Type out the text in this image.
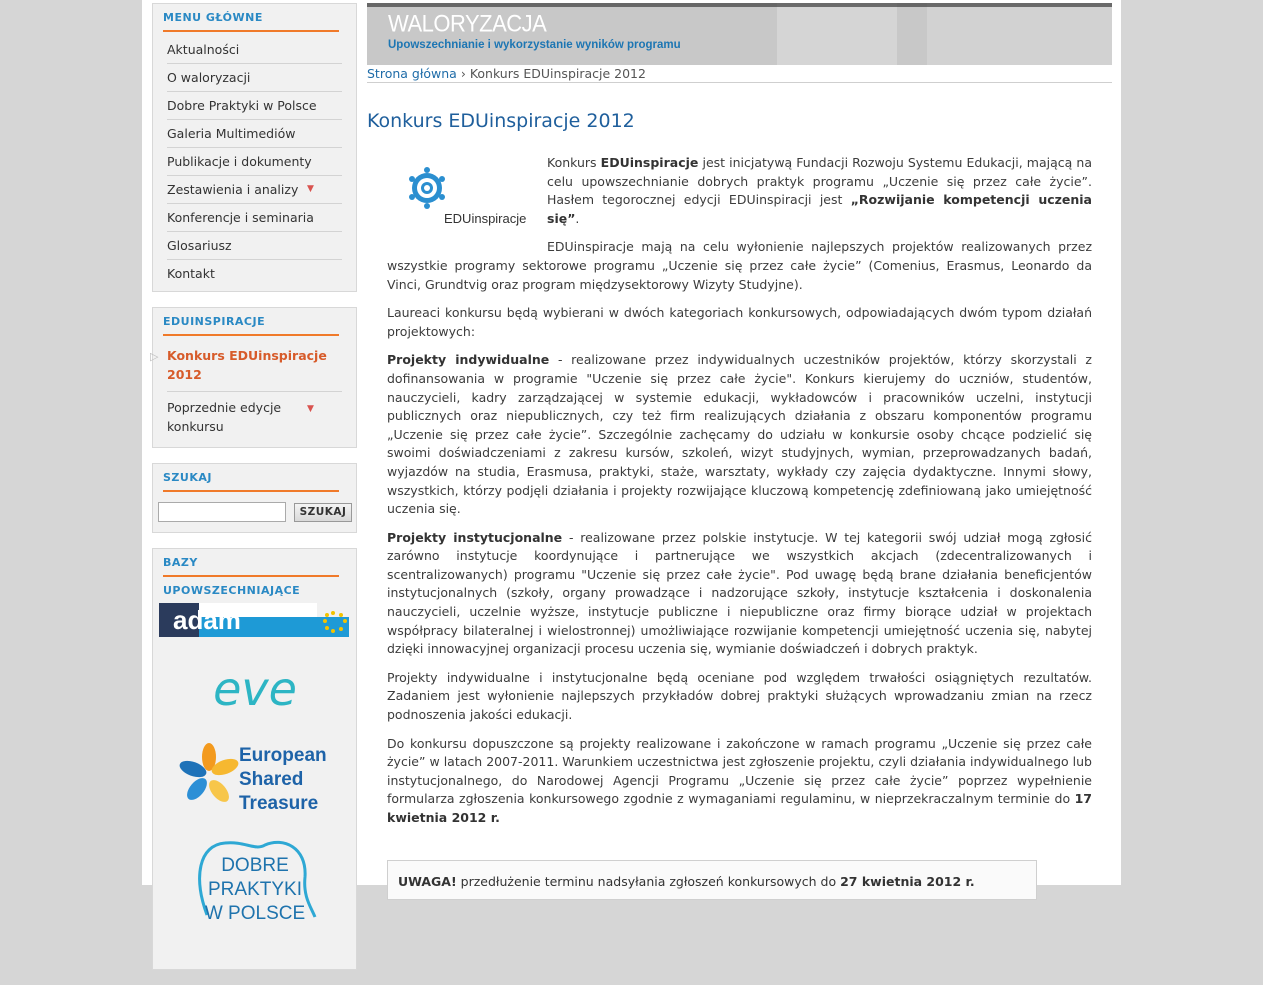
MENU GŁÓWNE
Aktualności
O waloryzacji
Dobre Praktyki w Polsce
Galeria Multimediów
Publikacje i dokumenty
Zestawienia i analizy ▼
Konferencje i seminaria
Glosariusz
Kontakt
EDUINSPIRACJE
▷ Konkurs EDUinspiracje 2012
Poprzednie edycje konkursu
▼
SZUKAJ
SZUKAJ
BAZY UPOWSZECHNIAJĄCE
adam
eve
European
Shared
Treasure
DOBRE
PRAKTYKI
W POLSCE
WALORYZACJA
Upowszechnianie i wykorzystanie wyników programu
Strona główna › Konkurs EDUinspiracje 2012
Konkurs EDUinspiracje 2012
EDUinspiracje

Konkurs EDUinspiracje jest inicjatywą Fundacji Rozwoju Systemu Edukacji, mającą na celu upowszechnianie dobrych praktyk programu „Uczenie się przez całe życie”. Hasłem tegorocznej edycji EDUinspiracji jest „Rozwijanie kompetencji uczenia się”.

EDUinspiracje mają na celu wyłonienie najlepszych projektów realizowanych przez wszystkie programy sektorowe programu „Uczenie się przez całe życie” (Comenius, Erasmus, Leonardo da Vinci, Grundtvig oraz program międzysektorowy Wizyty Studyjne).

Laureaci konkursu będą wybierani w dwóch kategoriach konkursowych, odpowiadających dwóm typom działań projektowych:

Projekty indywidualne - realizowane przez indywidualnych uczestników projektów, którzy skorzystali z dofinansowania w programie "Uczenie się przez całe życie". Konkurs kierujemy do uczniów, studentów, nauczycieli, kadry zarządzającej w systemie edukacji, wykładowców i pracowników uczelni, instytucji publicznych oraz niepublicznych, czy też firm realizujących działania z obszaru komponentów programu „Uczenie się przez całe życie”. Szczególnie zachęcamy do udziału w konkursie osoby chcące podzielić się swoimi doświadczeniami z zakresu kursów, szkoleń, wizyt studyjnych, wymian, przeprowadzanych badań, wyjazdów na studia, Erasmusa, praktyki, staże, warsztaty, wykłady czy zajęcia dydaktyczne. Innymi słowy, wszystkich, którzy podjęli działania i projekty rozwijające kluczową kompetencję zdefiniowaną jako umiejętność uczenia się.

Projekty instytucjonalne - realizowane przez polskie instytucje. W tej kategorii swój udział mogą zgłosić zarówno instytucje koordynujące i partnerujące we wszystkich akcjach (zdecentralizowanych i scentralizowanych) programu "Uczenie się przez całe życie". Pod uwagę będą brane działania beneficjentów instytucjonalnych (szkoły, organy prowadzące i nadzorujące szkoły, instytucje kształcenia i doskonalenia nauczycieli, uczelnie wyższe, instytucje publiczne i niepubliczne oraz firmy biorące udział w projektach współpracy bilateralnej i wielostronnej) umożliwiające rozwijanie kompetencji umiejętność uczenia się, nabytej dzięki innowacyjnej organizacji procesu uczenia się, wymianie doświadczeń i dobrych praktyk.

Projekty indywidualne i instytucjonalne będą oceniane pod względem trwałości osiągniętych rezultatów. Zadaniem jest wyłonienie najlepszych przykładów dobrej praktyki służących wprowadzaniu zmian na rzecz podnoszenia jakości edukacji.

Do konkursu dopuszczone są projekty realizowane i zakończone w ramach programu „Uczenie się przez całe życie” w latach 2007-2011. Warunkiem uczestnictwa jest zgłoszenie projektu, czyli działania indywidualnego lub instytucjonalnego, do Narodowej Agencji Programu „Uczenie się przez całe życie” poprzez wypełnienie formularza zgłoszenia konkursowego zgodnie z wymaganiami regulaminu, w nieprzekraczalnym terminie do 17 kwietnia 2012 r.

UWAGA! przedłużenie terminu nadsyłania zgłoszeń konkursowych do 27 kwietnia 2012 r.
